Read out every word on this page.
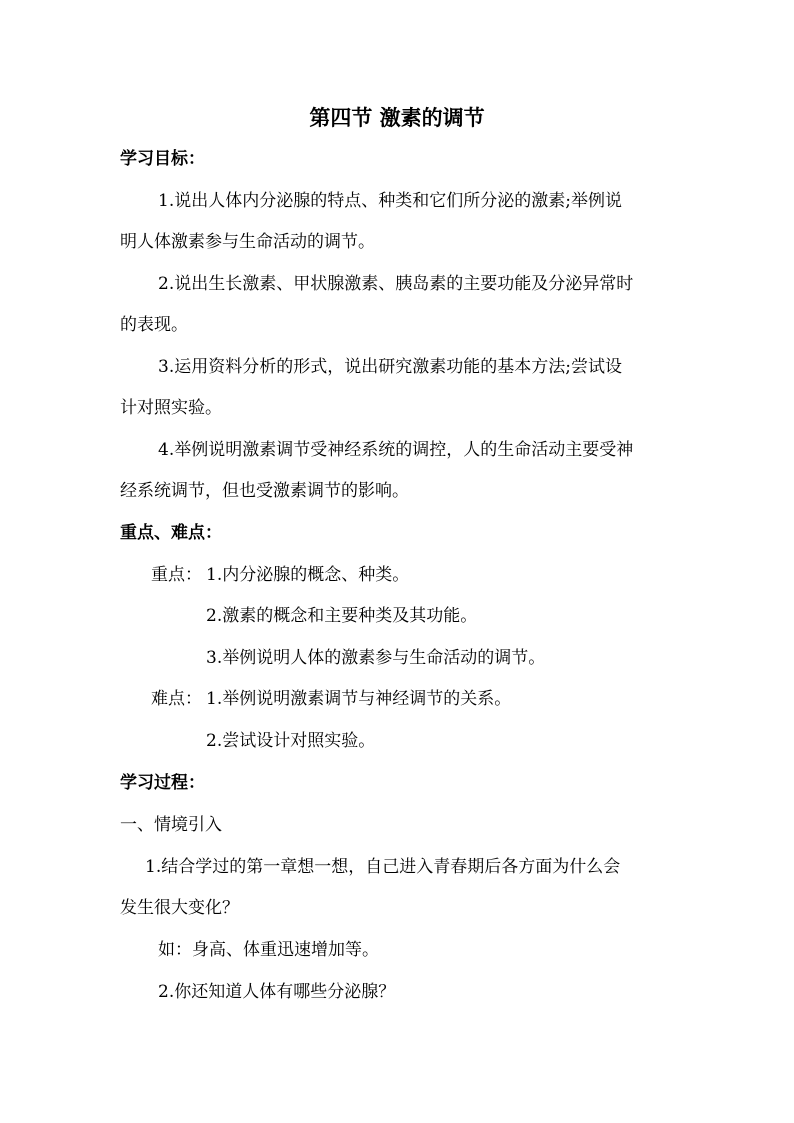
第四节 激素的调节
学习目标：
1.说出人体内分泌腺的特点、种类和它们所分泌的激素;举例说
明人体激素参与生命活动的调节。
2.说出生长激素、甲状腺激素、胰岛素的主要功能及分泌异常时
的表现。
3.运用资料分析的形式，说出研究激素功能的基本方法;尝试设
计对照实验。
4.举例说明激素调节受神经系统的调控，人的生命活动主要受神
经系统调节，但也受激素调节的影响。
重点、难点：
重点： 1.内分泌腺的概念、种类。
2.激素的概念和主要种类及其功能。
3.举例说明人体的激素参与生命活动的调节。
难点： 1.举例说明激素调节与神经调节的关系。
2.尝试设计对照实验。
学习过程：
一、情境引入
1.结合学过的第一章想一想，自己进入青春期后各方面为什么会
发生很大变化？
如：身高、体重迅速增加等。
2.你还知道人体有哪些分泌腺？
